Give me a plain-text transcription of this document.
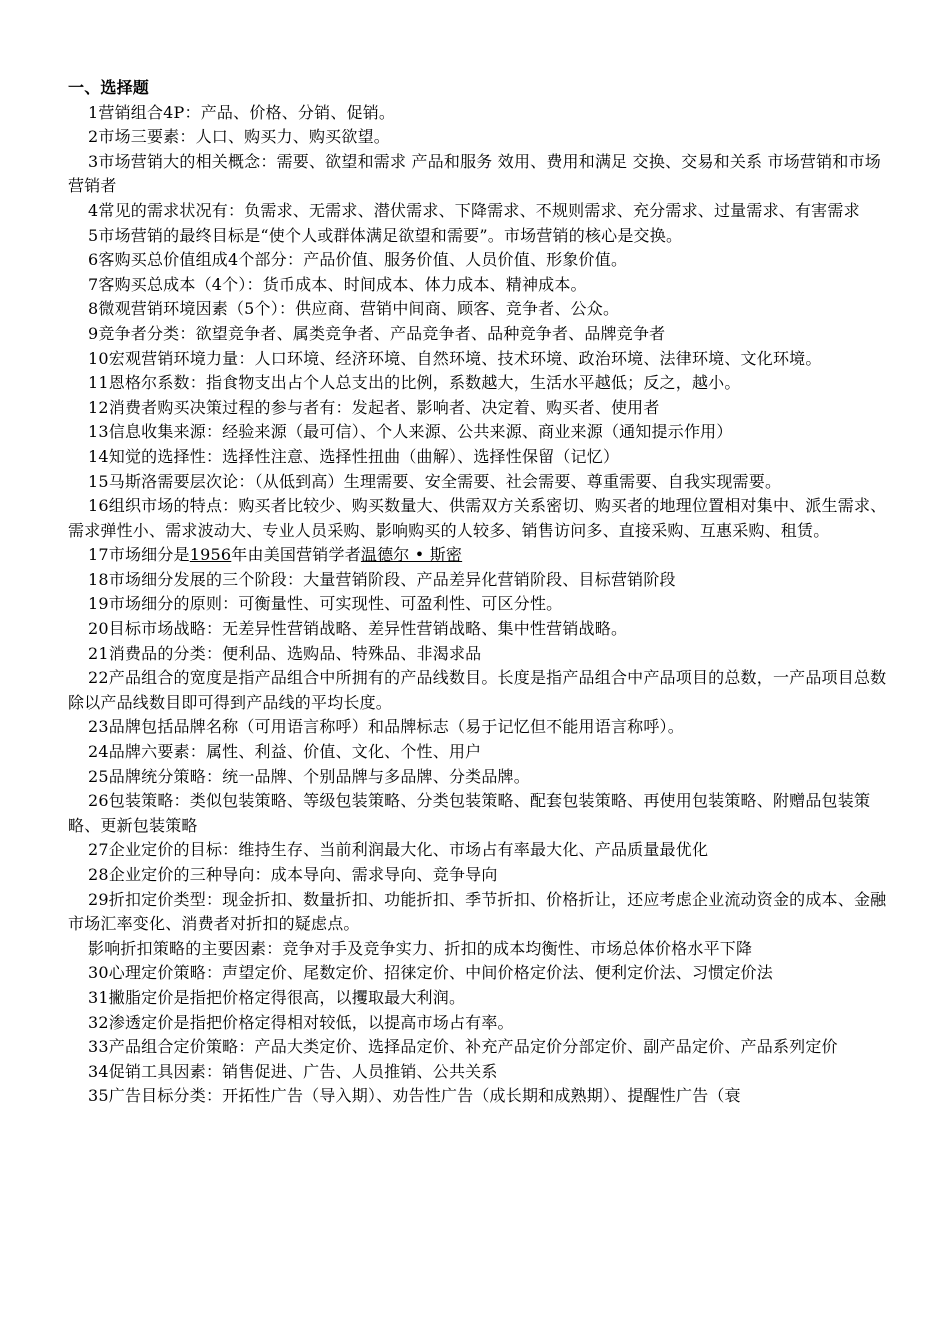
一、选择题

1营销组合4P：产品、价格、分销、促销。

2市场三要素：人口、购买力、购买欲望。

3市场营销大的相关概念：需要、欲望和需求 产品和服务 效用、费用和满足 交换、交易和关系 市场营销和市场营销者

4常见的需求状况有：负需求、无需求、潜伏需求、下降需求、不规则需求、充分需求、过量需求、有害需求

5市场营销的最终目标是“使个人或群体满足欲望和需要”。市场营销的核心是交换。

6客购买总价值组成4个部分：产品价值、服务价值、人员价值、形象价值。

7客购买总成本（4个）：货币成本、时间成本、体力成本、精神成本。

8微观营销环境因素（5个）：供应商、营销中间商、顾客、竞争者、公众。

9竞争者分类：欲望竞争者、属类竞争者、产品竞争者、品种竞争者、品牌竞争者

10宏观营销环境力量：人口环境、经济环境、自然环境、技术环境、政治环境、法律环境、文化环境。

11恩格尔系数：指食物支出占个人总支出的比例，系数越大，生活水平越低；反之，越小。

12消费者购买决策过程的参与者有：发起者、影响者、决定着、购买者、使用者

13信息收集来源：经验来源（最可信）、个人来源、公共来源、商业来源（通知提示作用）

14知觉的选择性：选择性注意、选择性扭曲（曲解）、选择性保留（记忆）

15马斯洛需要层次论：（从低到高）生理需要、安全需要、社会需要、尊重需要、自我实现需要。

16组织市场的特点：购买者比较少、购买数量大、供需双方关系密切、购买者的地理位置相对集中、派生需求、需求弹性小、需求波动大、专业人员采购、影响购买的人较多、销售访问多、直接采购、互惠采购、租赁。

17市场细分是1956年由美国营销学者温德尔 • 斯密

18市场细分发展的三个阶段：大量营销阶段、产品差异化营销阶段、目标营销阶段

19市场细分的原则：可衡量性、可实现性、可盈利性、可区分性。

20目标市场战略：无差异性营销战略、差异性营销战略、集中性营销战略。

21消费品的分类：便利品、选购品、特殊品、非渴求品

22产品组合的宽度是指产品组合中所拥有的产品线数目。长度是指产品组合中产品项目的总数，一产品项目总数除以产品线数目即可得到产品线的平均长度。

23品牌包括品牌名称（可用语言称呼）和品牌标志（易于记忆但不能用语言称呼）。

24品牌六要素：属性、利益、价值、文化、个性、用户

25品牌统分策略：统一品牌、个别品牌与多品牌、分类品牌。

26包装策略：类似包装策略、等级包装策略、分类包装策略、配套包装策略、再使用包装策略、附赠品包装策略、更新包装策略

27企业定价的目标：维持生存、当前利润最大化、市场占有率最大化、产品质量最优化

28企业定价的三种导向：成本导向、需求导向、竞争导向

29折扣定价类型：现金折扣、数量折扣、功能折扣、季节折扣、价格折让，还应考虑企业流动资金的成本、金融市场汇率变化、消费者对折扣的疑虑点。

影响折扣策略的主要因素：竞争对手及竞争实力、折扣的成本均衡性、市场总体价格水平下降

30心理定价策略：声望定价、尾数定价、招徕定价、中间价格定价法、便利定价法、习惯定价法

31撇脂定价是指把价格定得很高，以攫取最大利润。

32渗透定价是指把价格定得相对较低，以提高市场占有率。

33产品组合定价策略：产品大类定价、选择品定价、补充产品定价分部定价、副产品定价、产品系列定价

34促销工具因素：销售促进、广告、人员推销、公共关系

35广告目标分类：开拓性广告（导入期）、劝告性广告（成长期和成熟期）、提醒性广告（衰
